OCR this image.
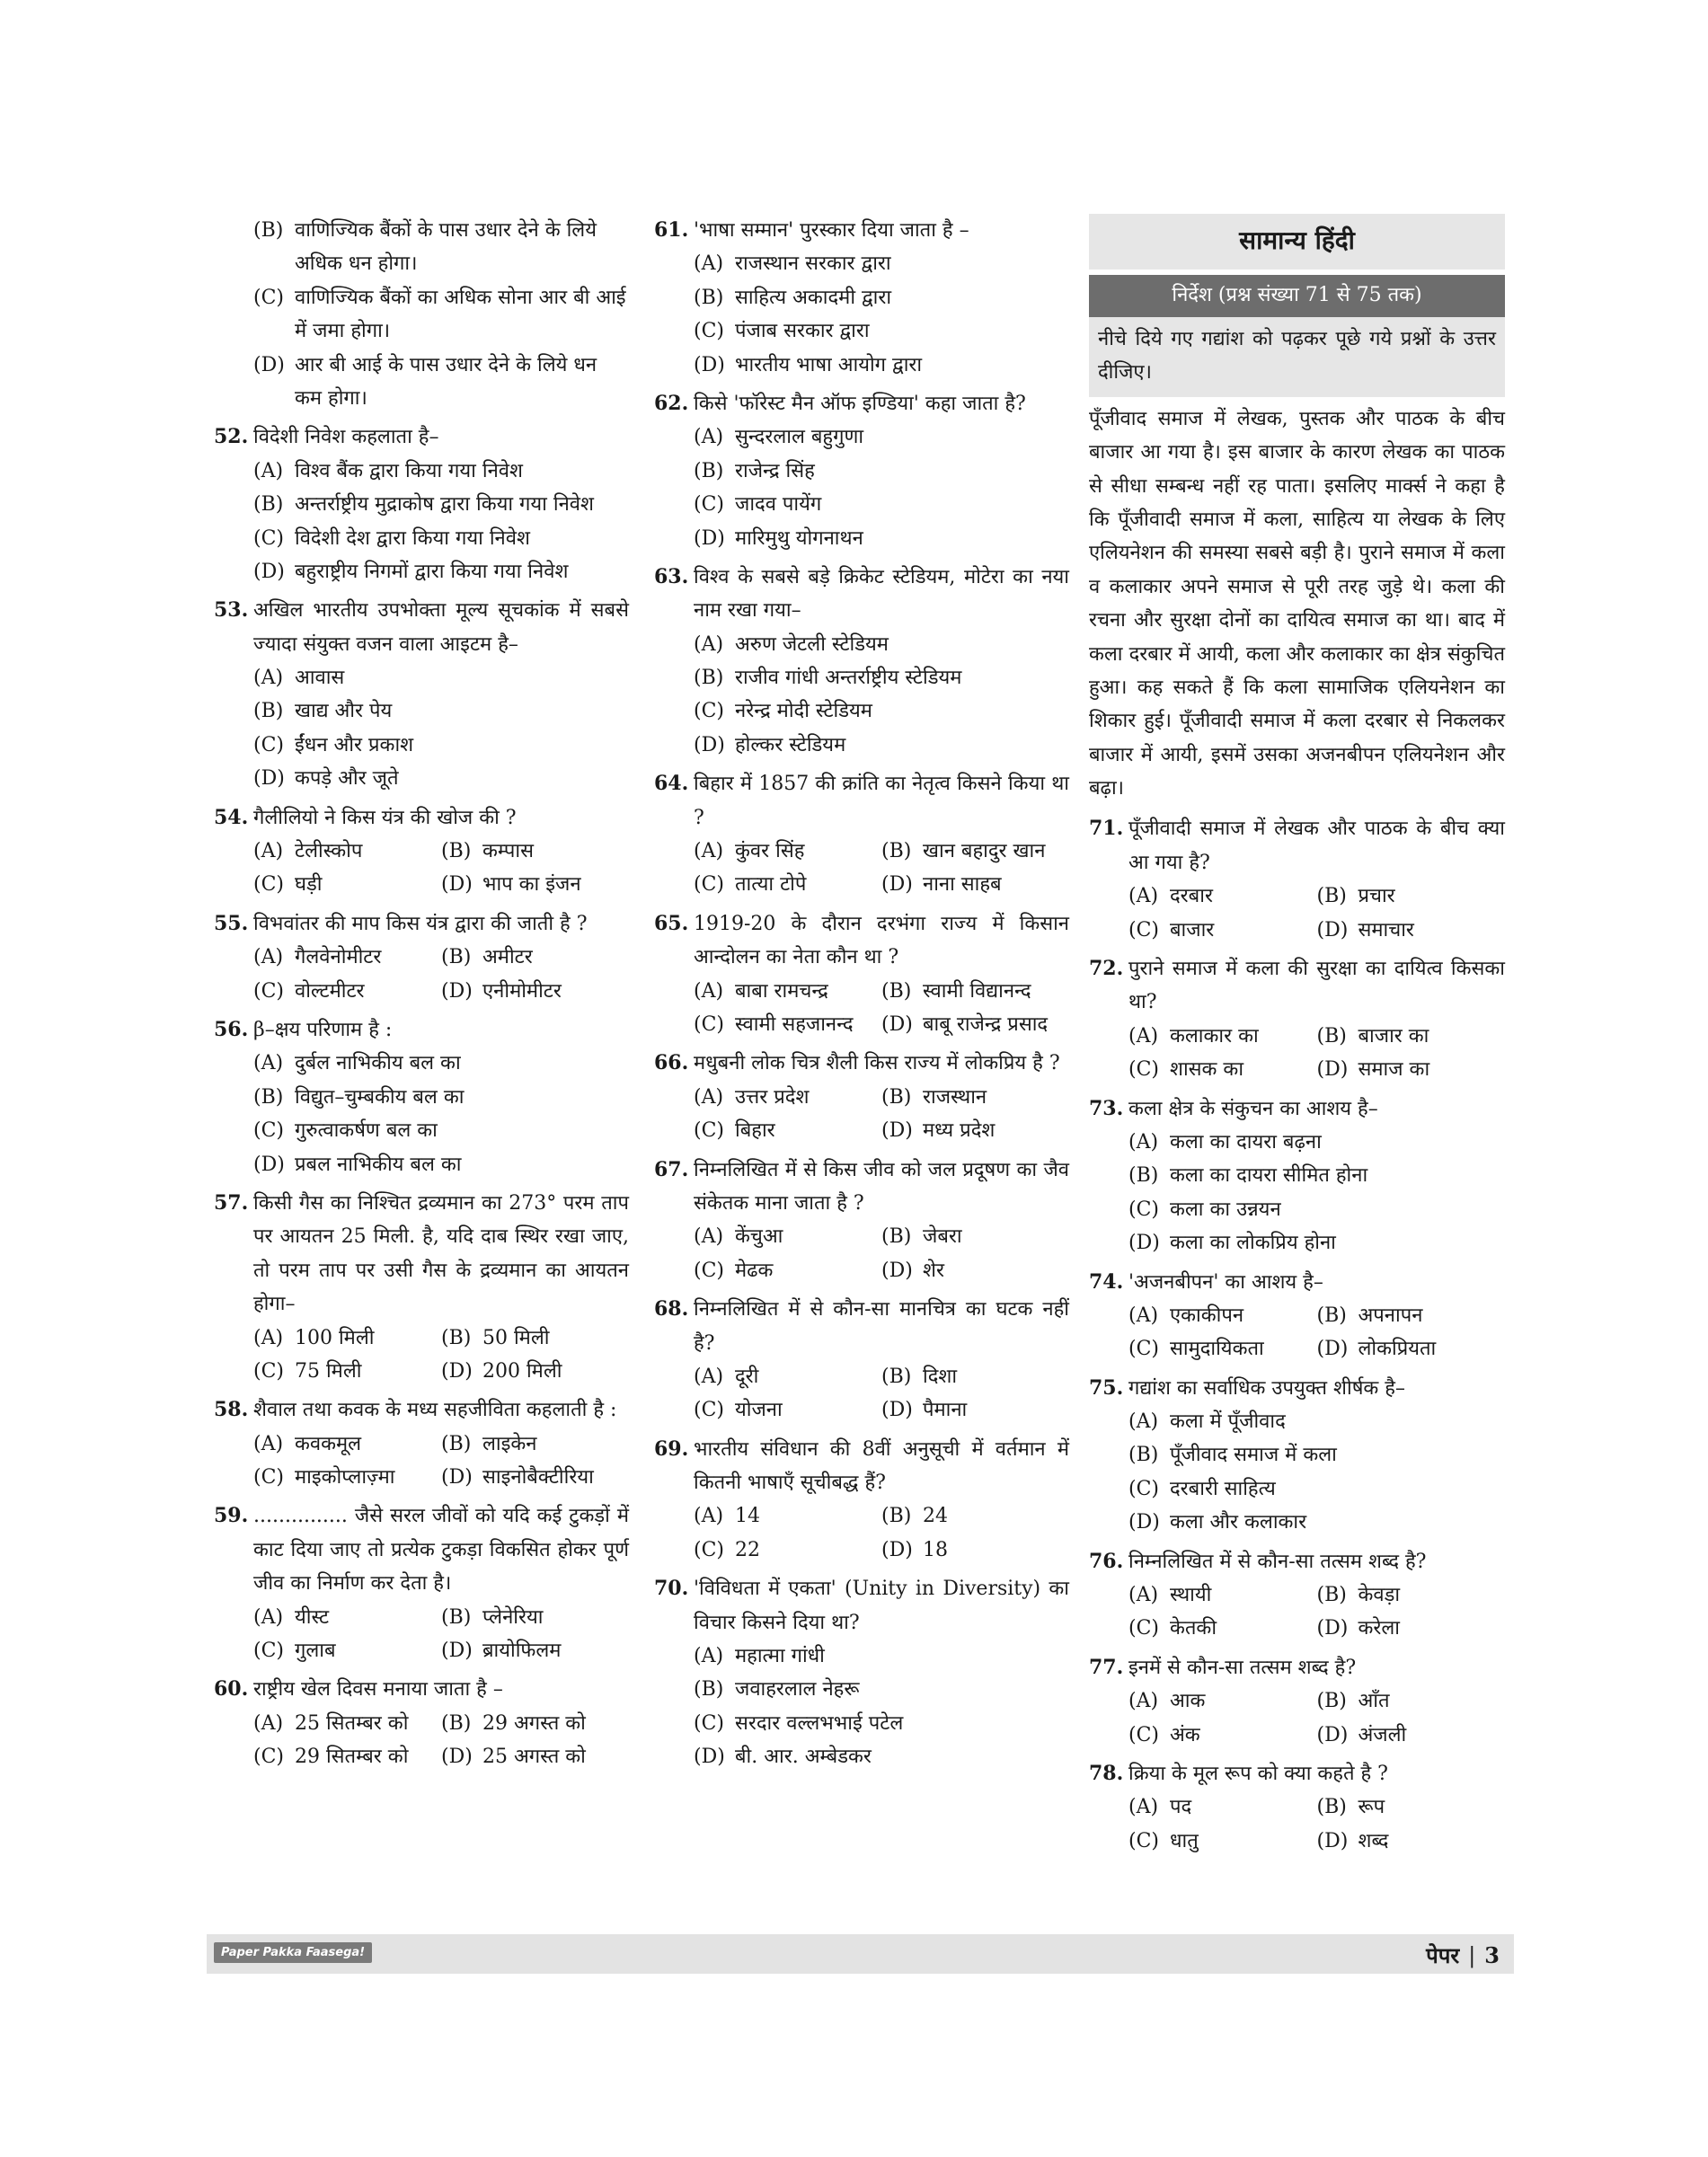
(B) वाणिज्यिक बैंकों के पास उधार देने के लिये अधिक धन होगा।
(C) वाणिज्यिक बैंकों का अधिक सोना आर बी आई में जमा होगा।
(D) आर बी आई के पास उधार देने के लिये धन कम होगा।
52. विदेशी निवेश कहलाता है–
(A) विश्व बैंक द्वारा किया गया निवेश
(B) अन्तर्राष्ट्रीय मुद्राकोष द्वारा किया गया निवेश
(C) विदेशी देश द्वारा किया गया निवेश
(D) बहुराष्ट्रीय निगमों द्वारा किया गया निवेश
53. अखिल भारतीय उपभोक्ता मूल्य सूचकांक में सबसे ज्यादा संयुक्त वजन वाला आइटम है–
(A) आवास
(B) खाद्य और पेय
(C) ईंधन और प्रकाश
(D) कपड़े और जूते
54. गैलीलियो ने किस यंत्र की खोज की ?
(A) टेलीस्कोप	(B) कम्पास
(C) घड़ी	(D) भाप का इंजन
55. विभवांतर की माप किस यंत्र द्वारा की जाती है ?
(A) गैलवेनोमीटर	(B) अमीटर
(C) वोल्टमीटर	(D) एनीमोमीटर
56. β–क्षय परिणाम है :
(A) दुर्बल नाभिकीय बल का
(B) विद्युत–चुम्बकीय बल का
(C) गुरुत्वाकर्षण बल का
(D) प्रबल नाभिकीय बल का
57. किसी गैस का निश्चित द्रव्यमान का 273° परम ताप पर आयतन 25 मिली. है, यदि दाब स्थिर रखा जाए, तो परम ताप पर उसी गैस के द्रव्यमान का आयतन होगा–
(A) 100 मिली	(B) 50 मिली
(C) 75 मिली	(D) 200 मिली
58. शैवाल तथा कवक के मध्य सहजीविता कहलाती है :
(A) कवकमूल	(B) लाइकेन
(C) माइकोप्लाज़्मा (D) साइनोबैक्टीरिया
59. ............... जैसे सरल जीवों को यदि कई टुकड़ों में काट दिया जाए तो प्रत्येक टुकड़ा विकसित होकर पूर्ण जीव का निर्माण कर देता है।
(A) यीस्ट	(B) प्लेनेरिया
(C) गुलाब	(D) ब्रायोफिलम
60. राष्ट्रीय खेल दिवस मनाया जाता है –
(A) 25 सितम्बर को (B) 29 अगस्त को
(C) 29 सितम्बर को (D) 25 अगस्त को
61. 'भाषा सम्मान' पुरस्कार दिया जाता है –
(A) राजस्थान सरकार द्वारा
(B) साहित्य अकादमी द्वारा
(C) पंजाब सरकार द्वारा
(D) भारतीय भाषा आयोग द्वारा
62. किसे 'फॉरेस्ट मैन ऑफ इण्डिया' कहा जाता है?
(A) सुन्दरलाल बहुगुणा
(B) राजेन्द्र सिंह
(C) जादव पायेंग
(D) मारिमुथु योगनाथन
63. विश्व के सबसे बड़े क्रिकेट स्टेडियम, मोटेरा का नया नाम रखा गया–
(A) अरुण जेटली स्टेडियम
(B) राजीव गांधी अन्तर्राष्ट्रीय स्टेडियम
(C) नरेन्द्र मोदी स्टेडियम
(D) होल्कर स्टेडियम
64. बिहार में 1857 की क्रांति का नेतृत्व किसने किया था ?
(A) कुंवर सिंह	(B) खान बहादुर खान
(C) तात्या टोपे	(D) नाना साहब
65. 1919-20 के दौरान दरभंगा राज्य में किसान आन्दोलन का नेता कौन था ?
(A) बाबा रामचन्द्र	(B) स्वामी विद्यानन्द
(C) स्वामी सहजानन्द (D) बाबू राजेन्द्र प्रसाद
66. मधुबनी लोक चित्र शैली किस राज्य में लोकप्रिय है ?
(A) उत्तर प्रदेश	(B) राजस्थान
(C) बिहार	(D) मध्य प्रदेश
67. निम्नलिखित में से किस जीव को जल प्रदूषण का जैव संकेतक माना जाता है ?
(A) केंचुआ	(B) जेबरा
(C) मेढक	(D) शेर
68. निम्नलिखित में से कौन-सा मानचित्र का घटक नहीं है?
(A) दूरी	(B) दिशा
(C) योजना	(D) पैमाना
69. भारतीय संविधान की 8वीं अनुसूची में वर्तमान में कितनी भाषाएँ सूचीबद्ध हैं?
(A) 14	(B) 24
(C) 22	(D) 18
70. 'विविधता में एकता' (Unity in Diversity) का विचार किसने दिया था?
(A) महात्मा गांधी
(B) जवाहरलाल नेहरू
(C) सरदार वल्लभभाई पटेल
(D) बी. आर. अम्बेडकर
सामान्य हिंदी
निर्देश (प्रश्न संख्या 71 से 75 तक)
नीचे दिये गए गद्यांश को पढ़कर पूछे गये प्रश्नों के उत्तर दीजिए।
पूँजीवाद समाज में लेखक, पुस्तक और पाठक के बीच बाजार आ गया है। इस बाजार के कारण लेखक का पाठक से सीधा सम्बन्ध नहीं रह पाता। इसलिए मार्क्स ने कहा है कि पूँजीवादी समाज में कला, साहित्य या लेखक के लिए एलियनेशन की समस्या सबसे बड़ी है। पुराने समाज में कला व कलाकार अपने समाज से पूरी तरह जुड़े थे। कला की रचना और सुरक्षा दोनों का दायित्व समाज का था। बाद में कला दरबार में आयी, कला और कलाकार का क्षेत्र संकुचित हुआ। कह सकते हैं कि कला सामाजिक एलियनेशन का शिकार हुई। पूँजीवादी समाज में कला दरबार से निकलकर बाजार में आयी, इसमें उसका अजनबीपन एलियनेशन और बढ़ा।
71. पूँजीवादी समाज में लेखक और पाठक के बीच क्या आ गया है?
(A) दरबार	(B) प्रचार
(C) बाजार	(D) समाचार
72. पुराने समाज में कला की सुरक्षा का दायित्व किसका था?
(A) कलाकार का	(B) बाजार का
(C) शासक का	(D) समाज का
73. कला क्षेत्र के संकुचन का आशय है–
(A) कला का दायरा बढ़ना
(B) कला का दायरा सीमित होना
(C) कला का उन्नयन
(D) कला का लोकप्रिय होना
74. 'अजनबीपन' का आशय है–
(A) एकाकीपन	(B) अपनापन
(C) सामुदायिकता	(D) लोकप्रियता
75. गद्यांश का सर्वाधिक उपयुक्त शीर्षक है–
(A) कला में पूँजीवाद
(B) पूँजीवाद समाज में कला
(C) दरबारी साहित्य
(D) कला और कलाकार
76. निम्नलिखित में से कौन-सा तत्सम शब्द है?
(A) स्थायी	(B) केवड़ा
(C) केतकी	(D) करेला
77. इनमें से कौन-सा तत्सम शब्द है?
(A) आक	(B) आँत
(C) अंक	(D) अंजली
78. क्रिया के मूल रूप को क्या कहते है ?
(A) पद	(B) रूप
(C) धातु	(D) शब्द
Paper Pakka Faasega!	पेपर | 3
